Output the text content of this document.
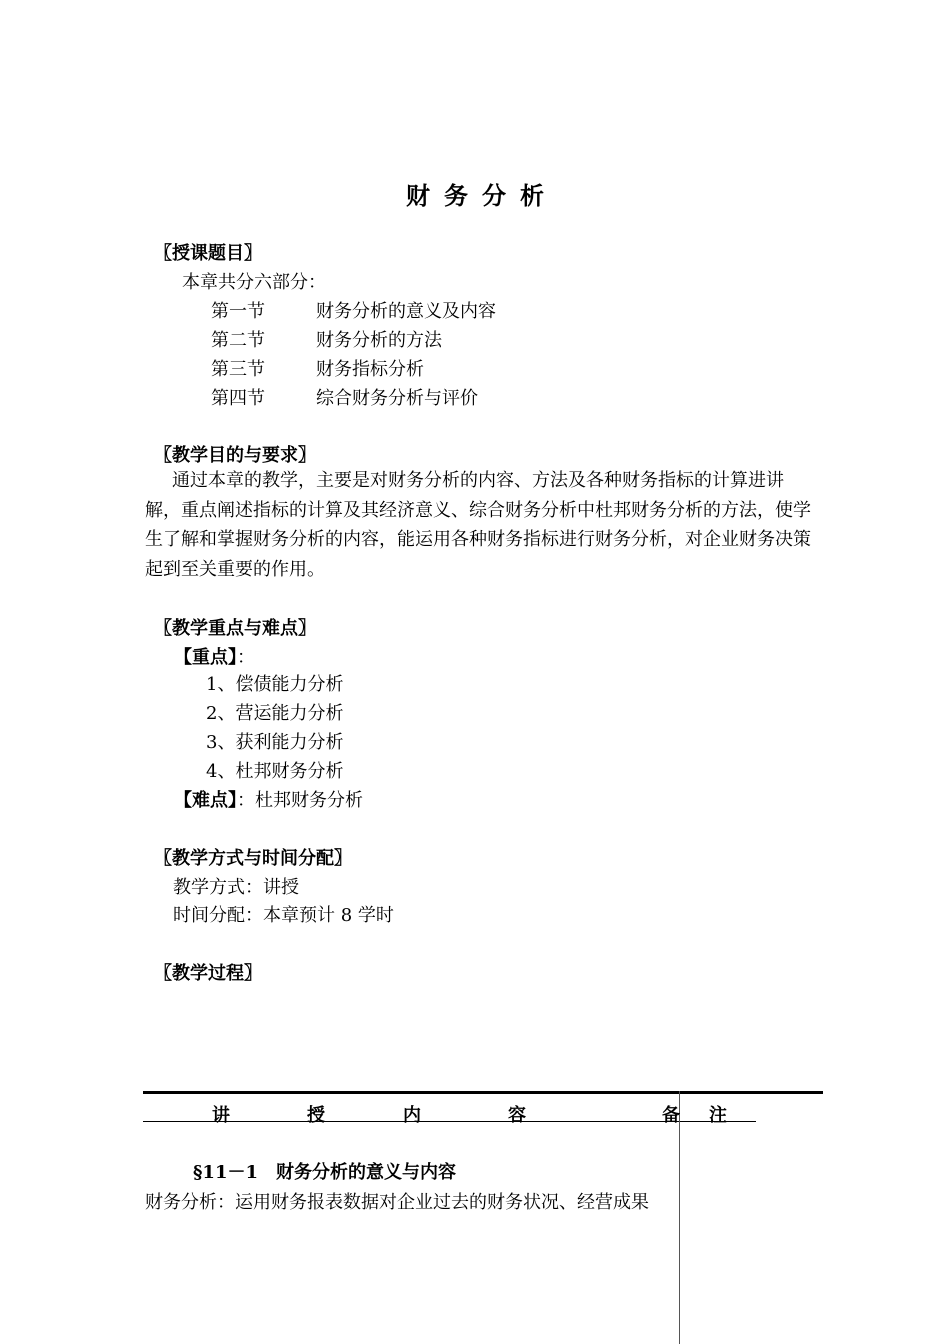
财务分析
〖授课题目〗
本章共分六部分：
第一节	财务分析的意义及内容
第二节	财务分析的方法
第三节	财务指标分析
第四节	综合财务分析与评价
〖教学目的与要求〗
通过本章的教学，主要是对财务分析的内容、方法及各种财务指标的计算进讲解，重点阐述指标的计算及其经济意义、综合财务分析中杜邦财务分析的方法，使学生了解和掌握财务分析的内容，能运用各种财务指标进行财务分析，对企业财务决策起到至关重要的作用。
〖教学重点与难点〗
【重点】：
1、偿债能力分析
2、营运能力分析
3、获利能力分析
4、杜邦财务分析
【难点】：杜邦财务分析
〖教学方式与时间分配〗
教学方式：讲授
时间分配：本章预计 8 学时
〖教学过程〗
讲	授	内	容	备 注
§11－1　财务分析的意义与内容
财务分析：运用财务报表数据对企业过去的财务状况、经营成果
